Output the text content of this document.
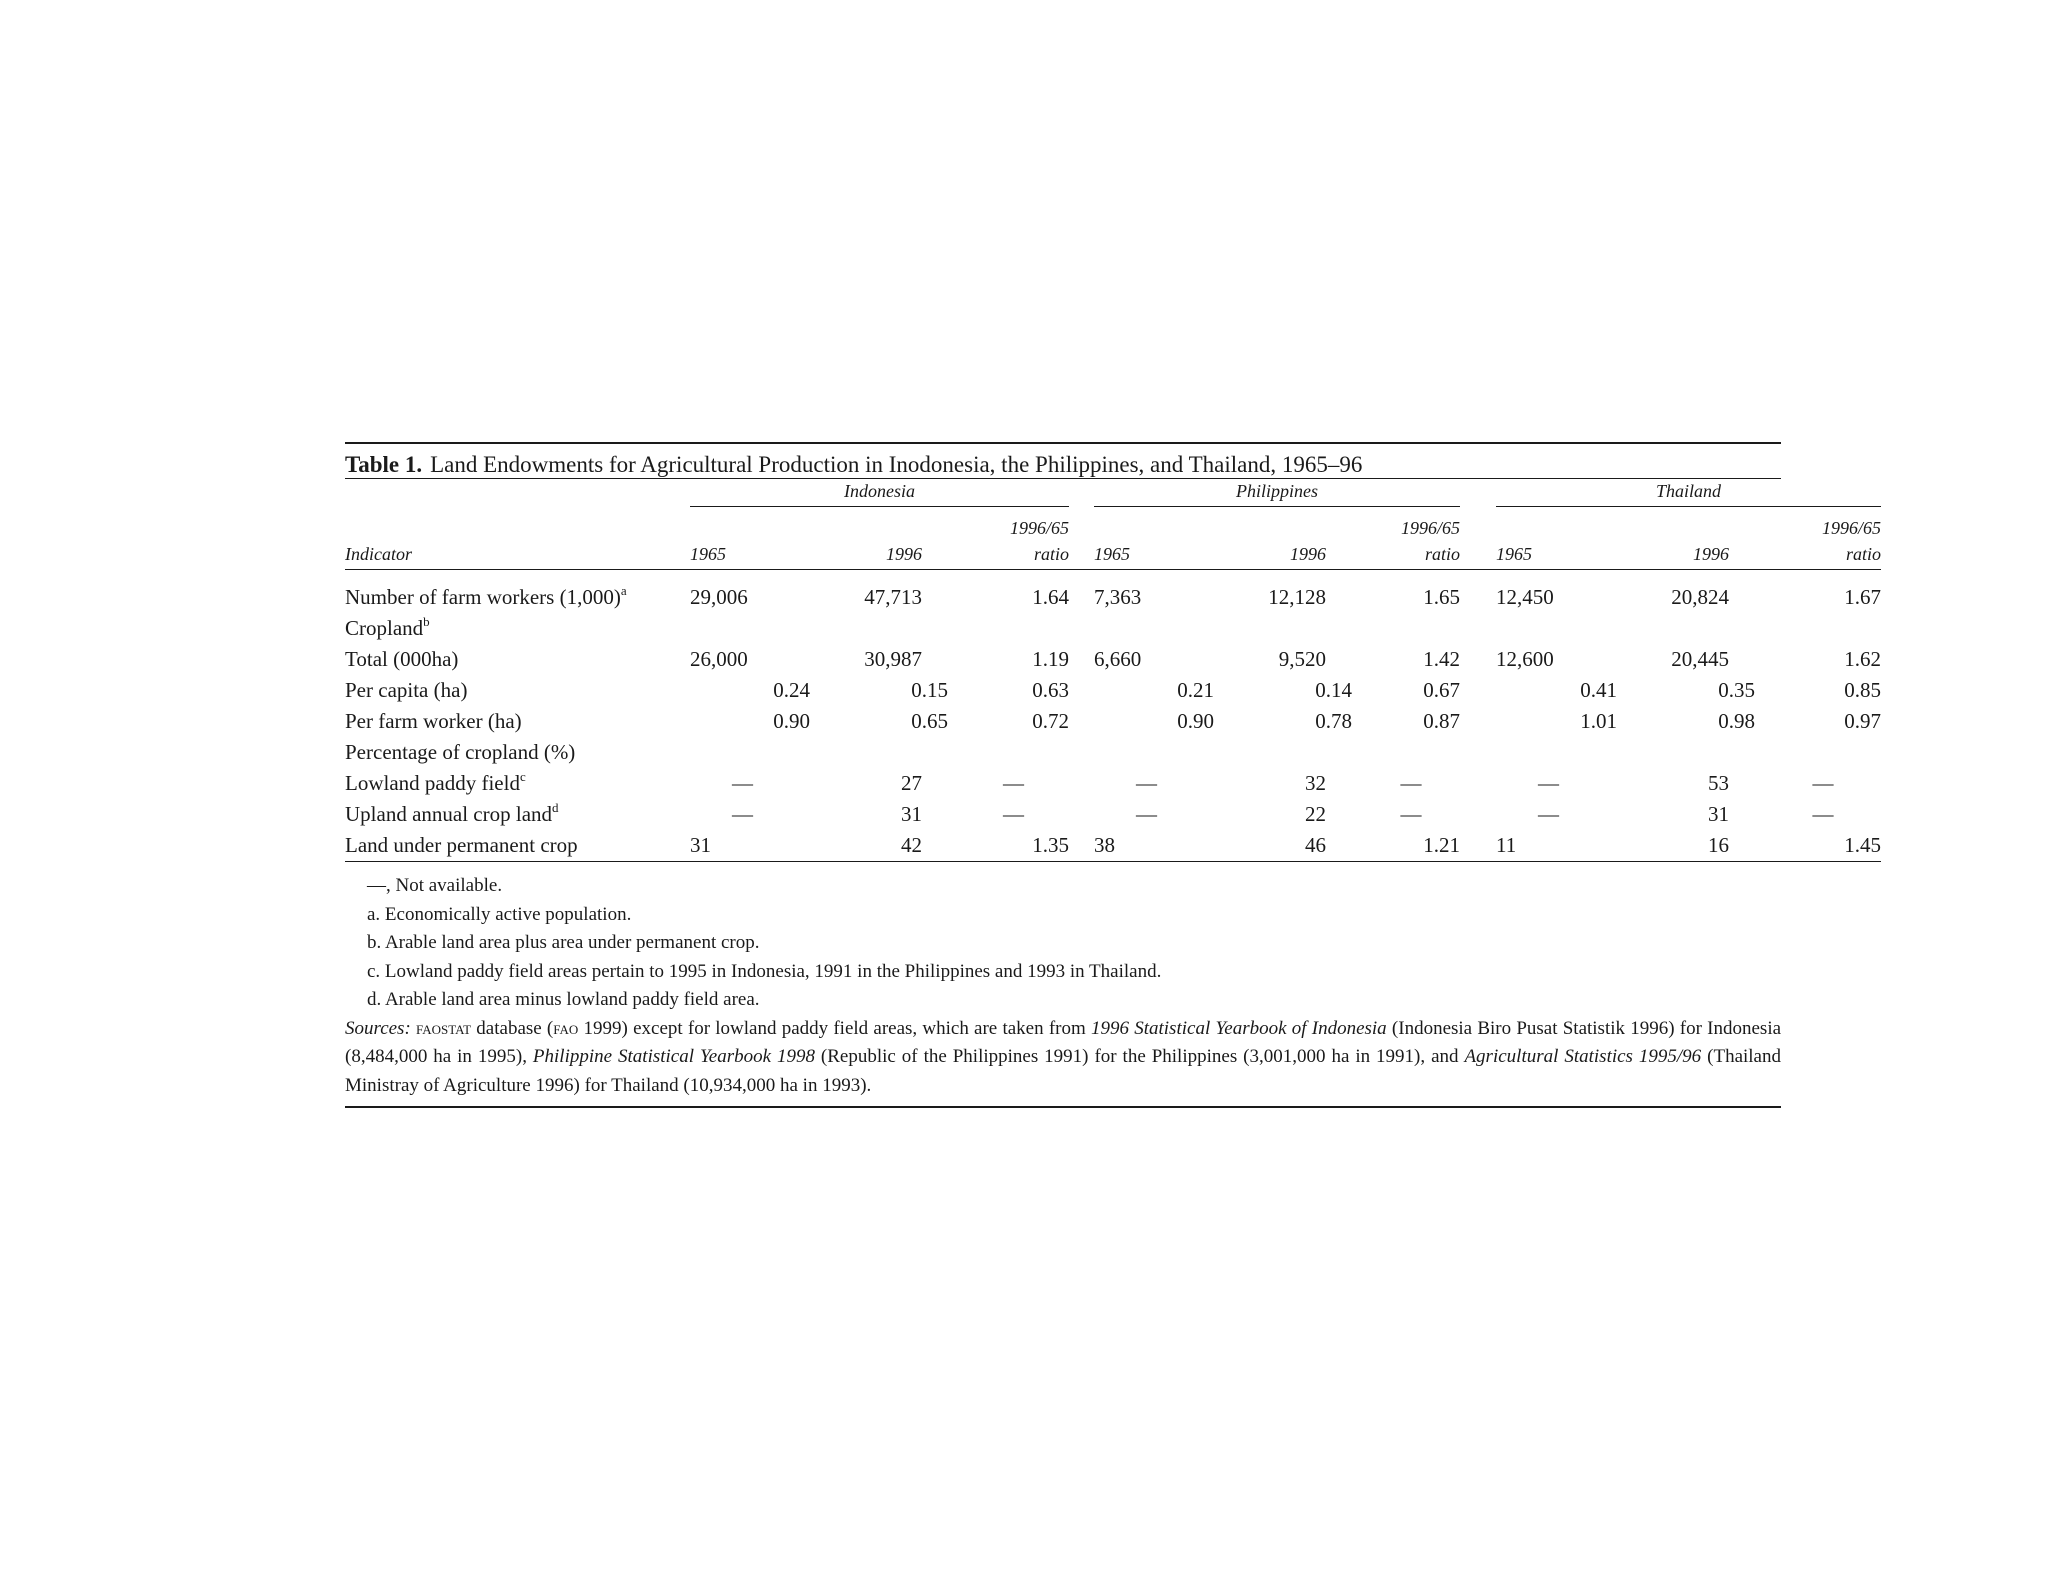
Table 1. Land Endowments for Agricultural Production in Inodonesia, the Philippines, and Thailand, 1965–96

	Indonesia				Philippines				Thailand		

			1996/65				1996/65				1996/65
Indicator	1965	1996	ratio		1965	1996	ratio		1965	1996	ratio

Number of farm workers $(1,000)^a$	29,006	47,713	1.64		7,363	12,128	1.65		12,450	20,824	1.67
Cropland$^b$											
Total (000ha)	26,000	30,987	1.19		6,660	9,520	1.42		12,600	20,445	1.62
Per capita (ha)	0.24	0.15	0.63		0.21	0.14	0.67		0.41	0.35	0.85
Per farm worker (ha)	0.90	0.65	0.72		0.90	0.78	0.87		1.01	0.98	0.97
Percentage of cropland (%)											
Lowland paddy field$^c$	—	27	—		—	32	—		—	53	—
Upland annual crop land$^d$	—	31	—		—	22	—		—	31	—
Land under permanent crop	31	42	1.35		38	46	1.21		11	16	1.45
—, Not available.
a. Economically active population.
b. Arable land area plus area under permanent crop.
c. Lowland paddy field areas pertain to 1995 in Indonesia, 1991 in the Philippines and 1993 in Thailand.
d. Arable land area minus lowland paddy field area.
Sources: faostat database (fao 1999) except for lowland paddy field areas, which are taken from 1996 Statistical Yearbook of Indonesia (Indonesia Biro Pusat Statistik 1996) for Indonesia (8,484,000 ha in 1995), Philippine Statistical Yearbook 1998 (Republic of the Philippines 1991) for the Philippines (3,001,000 ha in 1991), and Agricultural Statistics 1995/96 (Thailand Ministray of Agriculture 1996) for Thailand (10,934,000 ha in 1993).
